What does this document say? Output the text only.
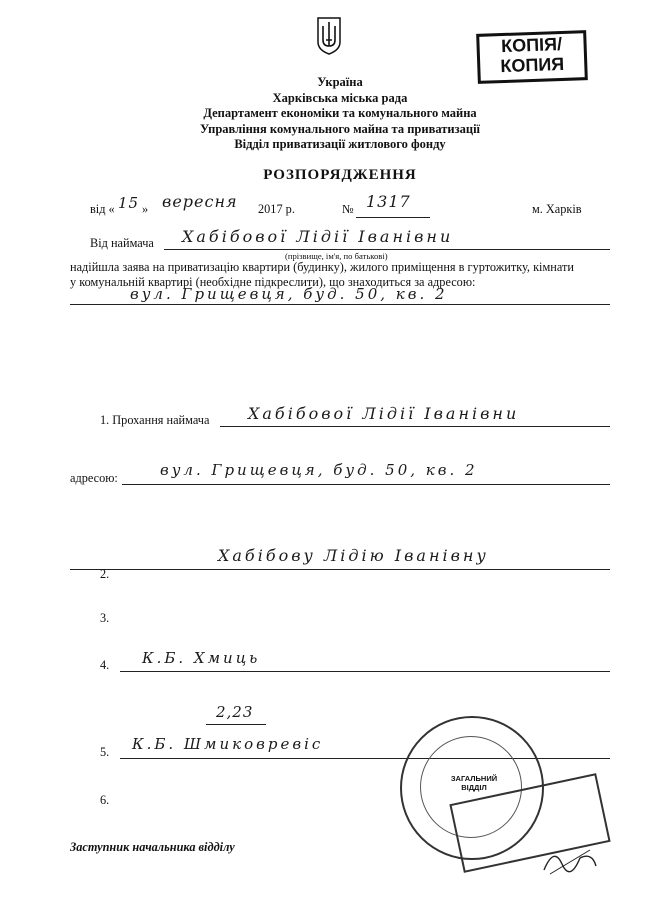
КОПІЯ/
КОПИЯ
Україна
Харківська міська рада
Департамент економіки та комунального майна
Управління комунального майна та приватизації
Відділ приватизації житлового фонду
РОЗПОРЯДЖЕННЯ
від « 15 » вересня 2017 р.	№ 1317	м. Харків
Від наймача Хабібової Лідії Іванівни
(прізвище, ім'я, по батькові)
надійшла заява на приватизацію квартири (будинку), жилого приміщення в гуртожитку, кімнати
у комунальній квартирі (необхідне підкреслити), що знаходиться за адресою:
вул. Грищевця, буд. 50, кв. 2
1. Прохання наймача Хабібової Лідії Іванівни
адресою:	вул. Грищевця, буд. 50, кв. 2
Хабібову Лідію Іванівну
2.
3.
4. К.Б. Хмиць
2,23
5. К.Б. Шмиковревіс
6.
ЗАГАЛЬНИЙ ВІДДІЛ
Заступник начальника відділу
